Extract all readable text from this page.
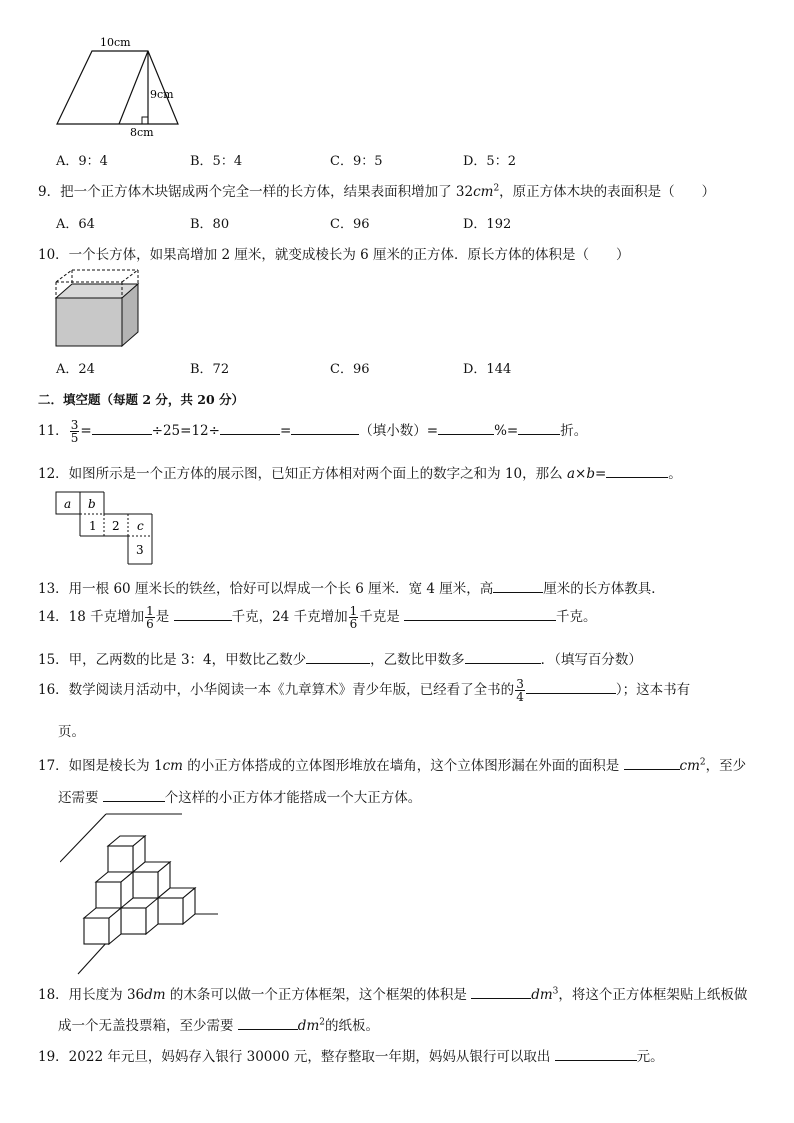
10cm
9cm
8cm
A．9：4	B．5：4	C．9：5	D．5：2
9．把一个正方体木块锯成两个完全一样的长方体，结果表面积增加了 $32cm^2$，原正方体木块的表面积是（　　）
A．64	B．80	C．96	D．192
10．一个长方体，如果高增加 2 厘米，就变成棱长为 6 厘米的正方体．原长方体的体积是（　　）
A．24	B．72	C．96	D．144
二．填空题（每题 2 分，共 20 分）
11． $\frac{3}{5}$ =	÷25=12÷	=	（填小数）=	%=	折。
12．如图所示是一个正方体的展示图，已知正方体相对两个面上的数字之和为 10，那么 a×b=	。
a b
1 2 c
3
13．用一根 60 厘米长的铁丝，恰好可以焊成一个长 6 厘米．宽 4 厘米，高	厘米的长方体教具．
14．18 千克增加 $\frac{1}{6}$ 是	千克，24 千克增加 $\frac{1}{6}$ 千克是	千克。
15．甲，乙两数的比是 3：4，甲数比乙数少	，乙数比甲数多	．（填写百分数）
16．数学阅读月活动中，小华阅读一本《九章算术》青少年版，已经看了全书的 $\frac{3}{4}$	）；这本书有
页。
17．如图是棱长为 1cm 的小正方体搭成的立体图形堆放在墙角，这个立体图形漏在外面的面积是	$cm^2$，至少
还需要	个这样的小正方体才能搭成一个大正方体。
18．用长度为 36dm 的木条可以做一个正方体框架，这个框架的体积是	$dm^3$，将这个正方体框架贴上纸板做
成一个无盖投票箱，至少需要	$dm^2$的纸板。
19．2022 年元旦，妈妈存入银行 30000 元，整存整取一年期，妈妈从银行可以取出	元。
